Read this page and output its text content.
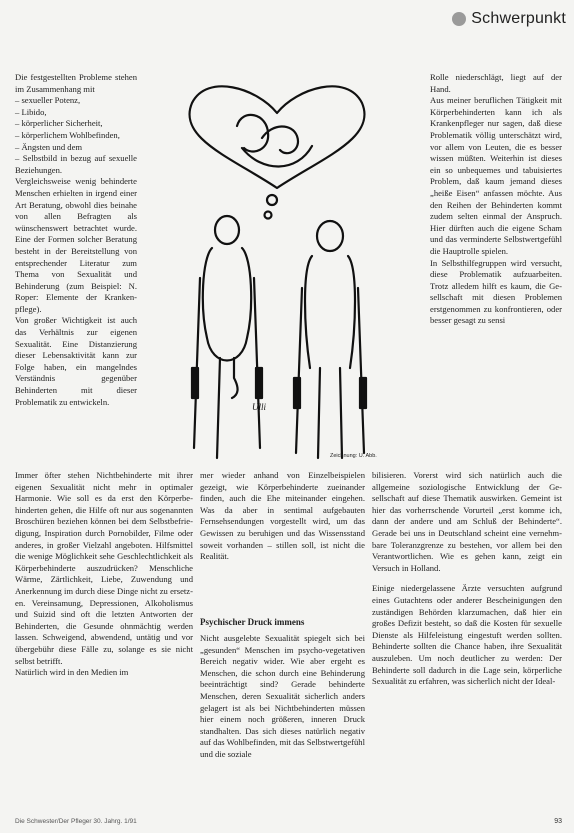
Schwerpunkt

Die festgestellten Probleme stehen im Zusammenhang mit

– sexueller Potenz,
– Libido,
– körperlicher Sicherheit,
– körperlichem Wohlbefinden,
– Ängsten und dem
– Selbstbild in bezug auf sexuelle Beziehungen.

Vergleichsweise wenig behinderte Menschen erhielten in irgend einer Art Beratung, obwohl dies beinahe von allen Befragten als wünschenswert betrachtet wurde. Eine der Formen solcher Beratung besteht in der Bereitstellung von entsprechender Literatur zum Thema von Sexualität und Behinderung (zum Beispiel: N. Roper: Elemente der Krankenpflege).

Von großer Wichtigkeit ist auch das Verhältnis zur eigenen Sexualität. Eine Distanzierung dieser Lebensaktivität kann zur Folge haben, ein mangelndes Verständnis gegenüber Behinderten mit dieser Problematik zu entwickeln.

Immer öfter stehen Nichtbehinderte mit ihrer eigenen Sexualität nicht mehr in optimaler Harmonie. Wie soll es da erst den Körperbehinderten gehen, die Hilfe oft nur aus sogenannten Broschüren beziehen können bei dem Selbstbefriedigung, Inspiration durch Pornobilder, Filme oder anderes, in großer Vielzahl angeboten. Hilfsmittel die wenige Möglichkeit sehe Geschlechtlichkeit als Körperbehinderte auszudrücken? Menschliche Wärme, Zärtlichkeit, Liebe, Zuwendung und Anerkennung im durch diese Dinge nicht zu ersetzen. Vereinsamung, Depressionen, Alkoholismus und Suizid sind oft die letzten Antworten der Behinderten, die Gesunde ohnmächtig werden lassen. Schweigend, abwendend, untätig und vor übergebühr diese Fälle zu, solange es sie nicht selbst betrifft.

Natürlich wird in den Medien im

mer wieder anhand von Einzelbeispielen gezeigt, wie Körperbehinderte zueinander finden, auch die Ehe miteinander eingehen. Was da aber in sentimal aufgebauten Fernsehsendungen vorgestellt wird, um das Gewissen zu beruhigen und das Wissensstand soweit vorhanden – stillen soll, ist nicht die Realität.

Psychischer Druck immens

Nicht ausgelebte Sexualität spiegelt sich bei „gesunden“ Menschen im psycho-vegetativen Bereich negativ wider. Wie aber ergeht es Menschen, die schon durch eine Behinderung beeinträchtigt sind? Gerade behinderte Menschen, deren Sexualität sicherlich anders gelagert ist als bei Nichtbehinderten müssen hier einem noch größeren, inneren Druck standhalten. Das sich dieses natürlich negativ auf das Wohlbefinden, mit das Selbstwertgefühl und die soziale

Rolle niederschlägt, liegt auf der Hand.

Aus meiner beruflichen Tätigkeit mit Körperbehinderten kann ich als Krankenpfleger nur sagen, daß diese Problematik völlig unterschätzt wird, vor allem von Leuten, die es besser wissen müßten. Weiterhin ist dieses ein so unbequemes und tabuisiertes Problem, daß kaum jemand dieses „heiße Eisen“ anfassen möchte. Aus den Reihen der Behinderten kommt zudem selten einmal der Anspruch. Hier dürften auch die eigene Scham und das verminderte Selbstwertgefühl die Hauptrolle spielen.

In Selbsthilfegruppen wird versucht, diese Problematik aufzuarbeiten. Trotz alledem hilft es kaum, die Gesellschaft mit diesen Problemen erstgenommen zu konfrontieren, oder besser gesagt zu sensi

bilisieren. Vorerst wird sich natürlich auch die allgemeine soziologische Entwicklung der Gesellschaft auf diese Thematik auswirken. Gemeint ist hier das vorherrschende Vorurteil „erst komme ich, dann der andere und am Schluß der Behinderte“. Gerade bei uns in Deutschland scheint eine vernehmbare Toleranzgrenze zu bestehen, vor allem bei den Verantwortlichen. Wie es gehen kann, zeigt ein Versuch in Holland.

Einige niedergelassene Ärzte versuchten aufgrund eines Gutachtens oder anderer Bescheinigungen den zuständigen Behörden klarzumachen, daß hier ein großes Defizit besteht, so daß die Kosten für sexuelle Dienste als Hilfeleistung eingestuft werden sollten. Behinderte sollten die Chance haben, ihre Sexualität auszuleben. Um noch deutlicher zu werden: Der Behinderte soll dadurch in die Lage sein, körperliche Sexualität zu erfahren, was sicherlich nicht der Ideal-

Ulli
Zeichnung: U. Abb.
Die Schwester/Der Pfleger 30. Jahrg. 1/91	93
